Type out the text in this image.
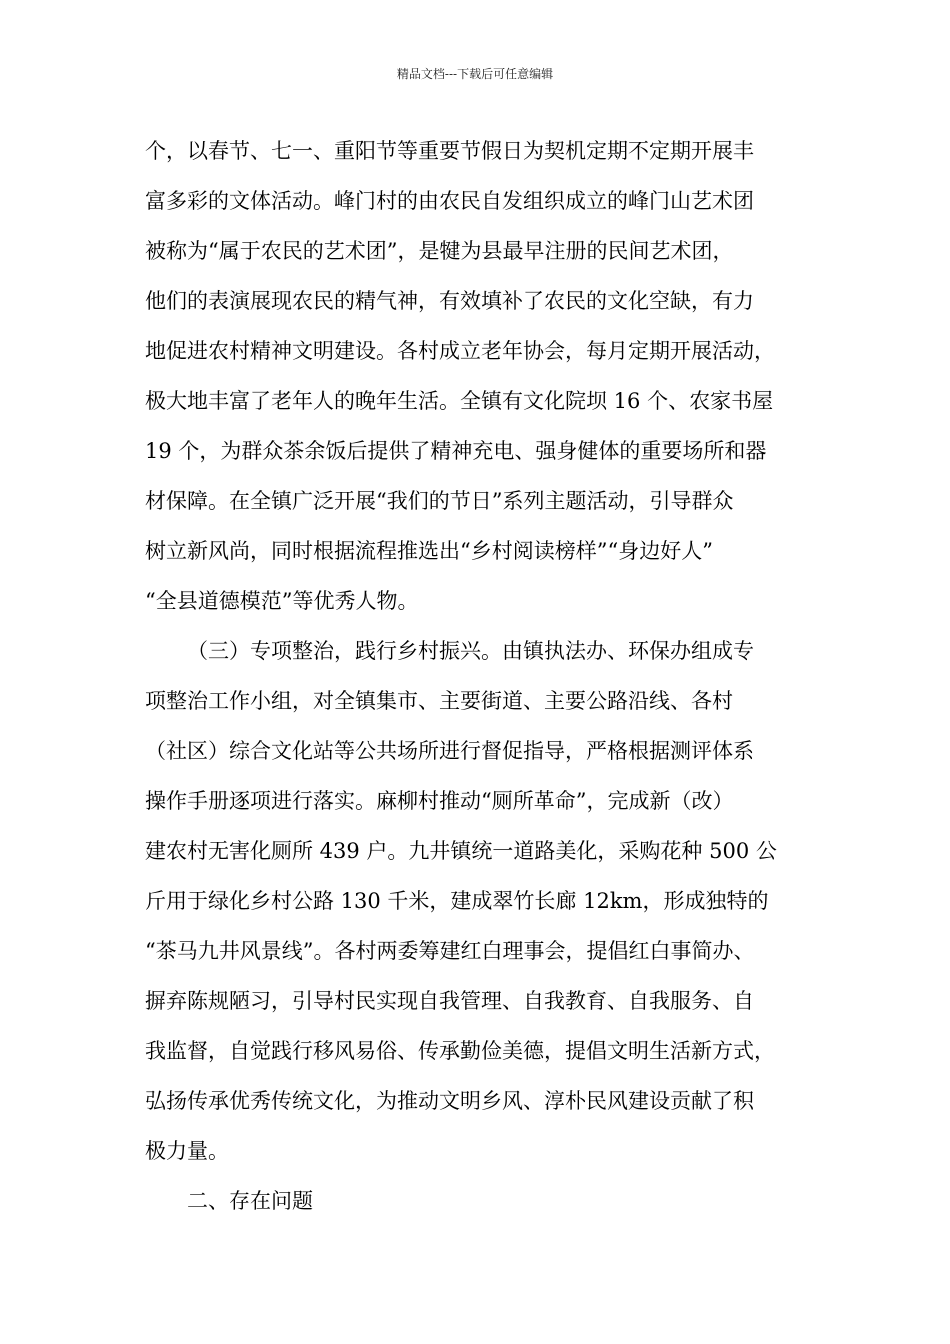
精品文档---下载后可任意编辑

个，以春节、七一、重阳节等重要节假日为契机定期不定期开展丰

富多彩的文体活动。峰门村的由农民自发组织成立的峰门山艺术团

被称为“属于农民的艺术团”，是犍为县最早注册的民间艺术团，

他们的表演展现农民的精气神，有效填补了农民的文化空缺，有力

地促进农村精神文明建设。各村成立老年协会，每月定期开展活动，

极大地丰富了老年人的晚年生活。全镇有文化院坝 16 个、农家书屋

19 个，为群众茶余饭后提供了精神充电、强身健体的重要场所和器

材保障。在全镇广泛开展“我们的节日”系列主题活动，引导群众

树立新风尚，同时根据流程推选出“乡村阅读榜样”“身边好人”

“全县道德模范”等优秀人物。

（三）专项整治，践行乡村振兴。由镇执法办、环保办组成专

项整治工作小组，对全镇集市、主要街道、主要公路沿线、各村

（社区）综合文化站等公共场所进行督促指导，严格根据测评体系

操作手册逐项进行落实。麻柳村推动“厕所革命”，完成新（改）

建农村无害化厕所 439 户。九井镇统一道路美化，采购花种 500 公

斤用于绿化乡村公路 130 千米，建成翠竹长廊 12km，形成独特的

“茶马九井风景线”。各村两委筹建红白理事会，提倡红白事简办、

摒弃陈规陋习，引导村民实现自我管理、自我教育、自我服务、自

我监督，自觉践行移风易俗、传承勤俭美德，提倡文明生活新方式，

弘扬传承优秀传统文化，为推动文明乡风、淳朴民风建设贡献了积

极力量。

二、存在问题
